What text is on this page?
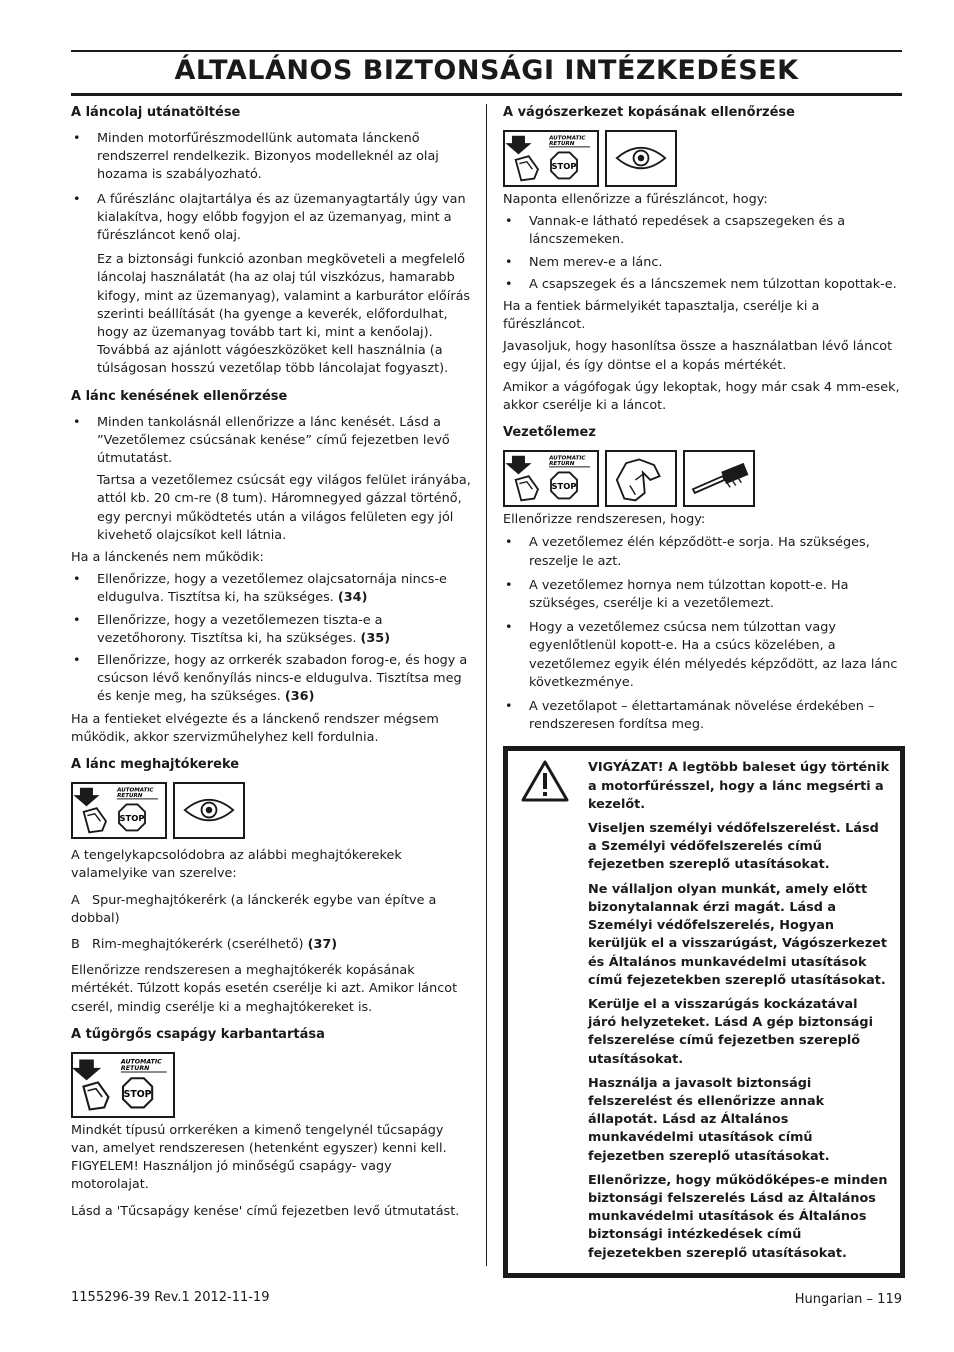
ÁLTALÁNOS BIZTONSÁGI INTÉZKEDÉSEK
A láncolaj utánatöltése
• Minden motorfűrészmodellünk automata lánckenő rendszerrel rendelkezik. Bizonyos modelleknél az olaj hozama is szabályozható.
• A fűrészlánc olajtartálya és az üzemanyagtartály úgy van kialakítva, hogy előbb fogyjon el az üzemanyag, mint a fűrészláncot kenő olaj.

Ez a biztonsági funkció azonban megköveteli a megfelelő láncolaj használatát (ha az olaj túl viszkózus, hamarabb kifogy, mint az üzemanyag), valamint a karburátor előírás szerinti beállítását (ha gyenge a keverék, előfordulhat, hogy az üzemanyag tovább tart ki, mint a kenőolaj). Továbbá az ajánlott vágóeszközöket kell használnia (a túlságosan hosszú vezetőlap több láncolajat fogyaszt).

A lánc kenésének ellenőrzése
• Minden tankolásnál ellenőrizze a lánc kenését. Lásd a ”Vezetőlemez csúcsának kenése” című fejezetben levő útmutatást.

Tartsa a vezetőlemez csúcsát egy világos felület irányába, attól kb. 20 cm-re (8 tum). Háromnegyed gázzal történő, egy percnyi működtetés után a világos felületen egy jól kivehető olajcsíkot kell látnia.

Ha a lánckenés nem működik:

• Ellenőrizze, hogy a vezetőlemez olajcsatornája nincs-e eldugulva. Tisztítsa ki, ha szükséges. (34)
• Ellenőrizze, hogy a vezetőlemezen tiszta-e a vezetőhorony. Tisztítsa ki, ha szükséges. (35)
• Ellenőrizze, hogy az orrkerék szabadon forog-e, és hogy a csúcson lévő kenőnyílás nincs-e eldugulva. Tisztítsa meg és kenje meg, ha szükséges. (36)

Ha a fentieket elvégezte és a lánckenő rendszer mégsem működik, akkor szervizműhelyhez kell fordulnia.

A lánc meghajtókereke
AUTOMATIC
RETURN
STOP

A tengelykapcsolódobra az alábbi meghajtókerekek valamelyike van szerelve:

A   Spur-meghajtókerérk (a lánckerék egybe van építve a dobbal)

B   Rim-meghajtókerérk (cserélhető) (37)

Ellenőrizze rendszeresen a meghajtókerék kopásának mértékét. Túlzott kopás esetén cserélje ki azt. Amikor láncot cserél, mindig cserélje ki a meghajtókereket is.

A tűgörgős csapágy karbantartása
AUTOMATIC
RETURN
STOP

Mindkét típusú orrkeréken a kimenő tengelynél tűcsapágy van, amelyet rendszeresen (hetenként egyszer) kenni kell. FIGYELEM! Használjon jó minőségű csapágy- vagy motorolajat.

Lásd a 'Tűcsapágy kenése' című fejezetben levő útmutatást.

A vágószerkezet kopásának ellenőrzése
AUTOMATIC
RETURN
STOP

Naponta ellenőrizze a fűrészláncot, hogy:

• Vannak-e látható repedések a csapszegeken és a láncszemeken.
• Nem merev-e a lánc.
• A csapszegek és a láncszemek nem túlzottan kopottak-e.

Ha a fentiek bármelyikét tapasztalja, cserélje ki a fűrészláncot.

Javasoljuk, hogy hasonlítsa össze a használatban lévő láncot egy újjal, és így döntse el a kopás mértékét.

Amikor a vágófogak úgy lekoptak, hogy már csak 4 mm-esek, akkor cserélje ki a láncot.

Vezetőlemez
AUTOMATIC
RETURN
STOP

Ellenőrizze rendszeresen, hogy:

• A vezetőlemez élén képződött-e sorja. Ha szükséges, reszelje le azt.
• A vezetőlemez hornya nem túlzottan kopott-e. Ha szükséges, cserélje ki a vezetőlemezt.
• Hogy a vezetőlemez csúcsa nem túlzottan vagy egyenlőtlenül kopott-e. Ha a csúcs közelében, a vezetőlemez egyik élén mélyedés képződött, az laza lánc következménye.
• A vezetőlapot – élettartamának növelése érdekében – rendszeresen fordítsa meg.

VIGYÁZAT! A legtöbb baleset úgy történik a motorfűrésszel, hogy a lánc megsérti a kezelőt.

Viseljen személyi védőfelszerelést. Lásd a Személyi védőfelszerelés című fejezetben szereplő utasításokat.

Ne vállaljon olyan munkát, amely előtt bizonytalannak érzi magát. Lásd a Személyi védőfelszerelés, Hogyan kerüljük el a visszarúgást, Vágószerkezet és Általános munkavédelmi utasítások című fejezetekben szereplő utasításokat.

Kerülje el a visszarúgás kockázatával járó helyzeteket. Lásd A gép biztonsági felszerelése című fejezetben szereplő utasításokat.

Használja a javasolt biztonsági felszerelést és ellenőrizze annak állapotát. Lásd az Általános munkavédelmi utasítások című fejezetben szereplő utasításokat.

Ellenőrizze, hogy működőképes-e minden biztonsági felszerelés Lásd az Általános munkavédelmi utasítások és Általános biztonsági intézkedések című fejezetekben szereplő utasításokat.

1155296-39 Rev.1 2012-11-19	Hungarian – 119
